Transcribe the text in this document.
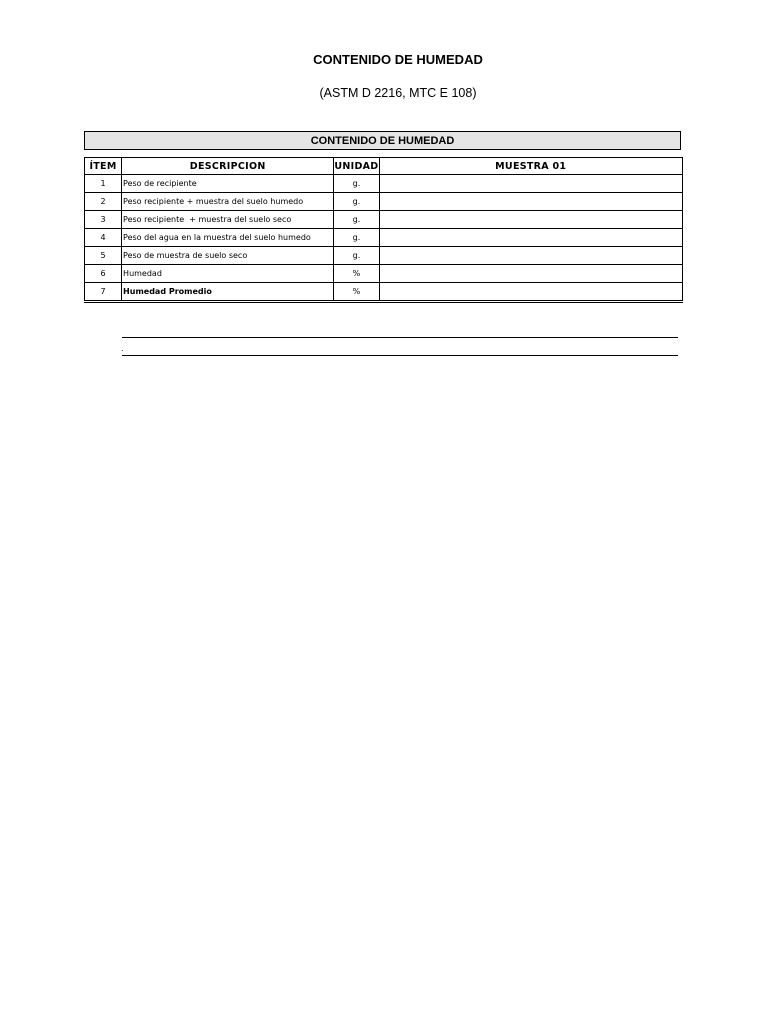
CONTENIDO DE HUMEDAD
(ASTM D 2216, MTC E 108)
CONTENIDO DE HUMEDAD
ÍTEM	DESCRIPCION	UNIDAD	MUESTRA 01
1	Peso de recipiente	g.	
2	Peso recipiente + muestra del suelo humedo	g.	
3	Peso recipiente  + muestra del suelo seco	g.	
4	Peso del agua en la muestra del suelo humedo	g.	
5	Peso de muestra de suelo seco	g.	
6	Humedad	%	
7	Humedad Promedio	%	
.
